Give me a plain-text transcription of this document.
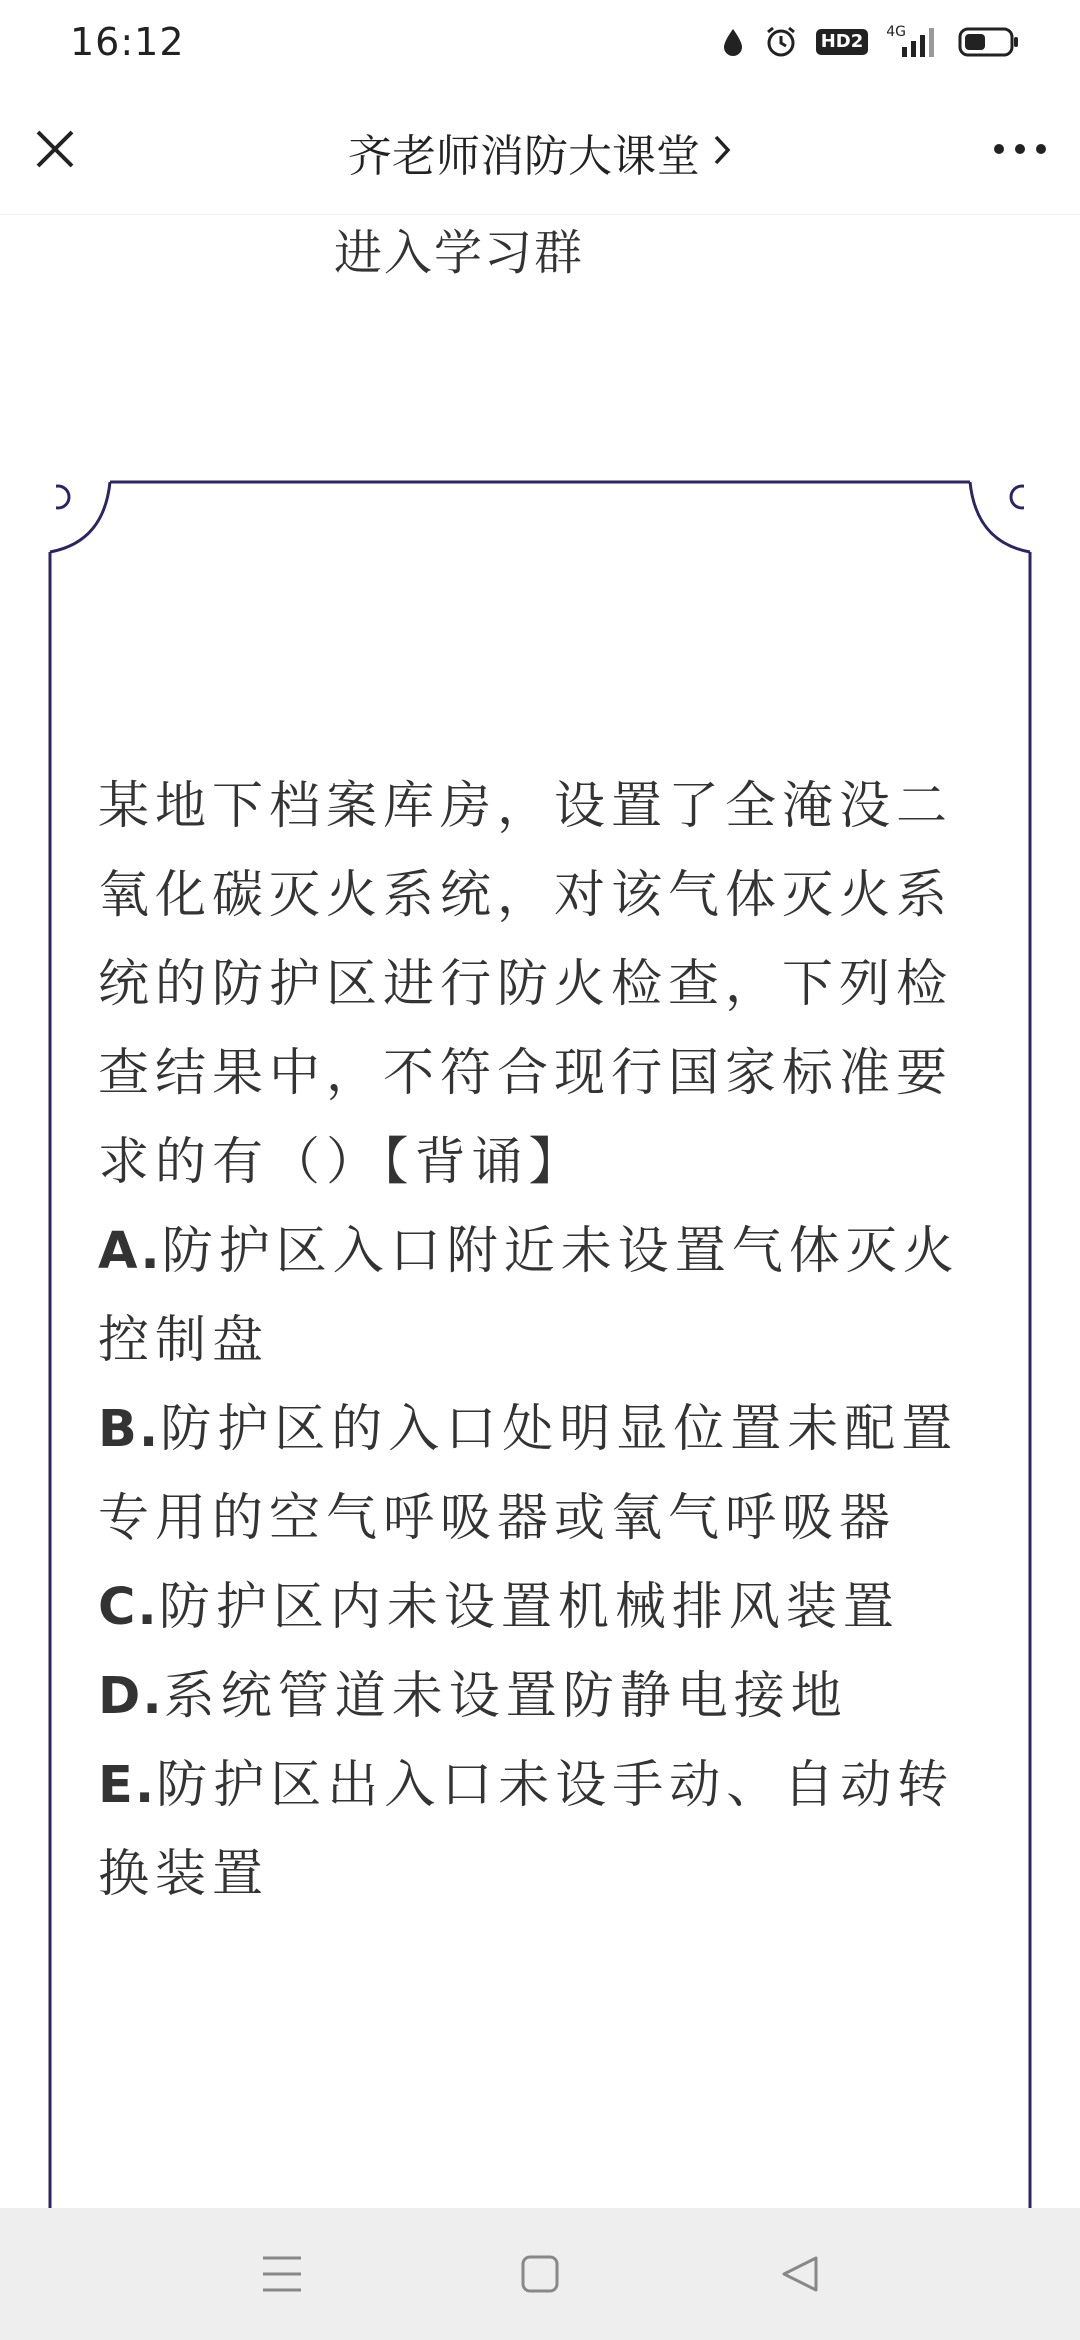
16:12	HD2	4G
齐老师消防大课堂
进入学习群
某地下档案库房，设置了全淹没二氧化碳灭火系统，对该气体灭火系统的防护区进行防火检查，下列检查结果中，不符合现行国家标准要求的有（）【背诵】
A.防护区入口附近未设置气体灭火控制盘
B.防护区的入口处明显位置未配置专用的空气呼吸器或氧气呼吸器
C.防护区内未设置机械排风装置
D.系统管道未设置防静电接地
E.防护区出入口未设手动、自动转换装置
